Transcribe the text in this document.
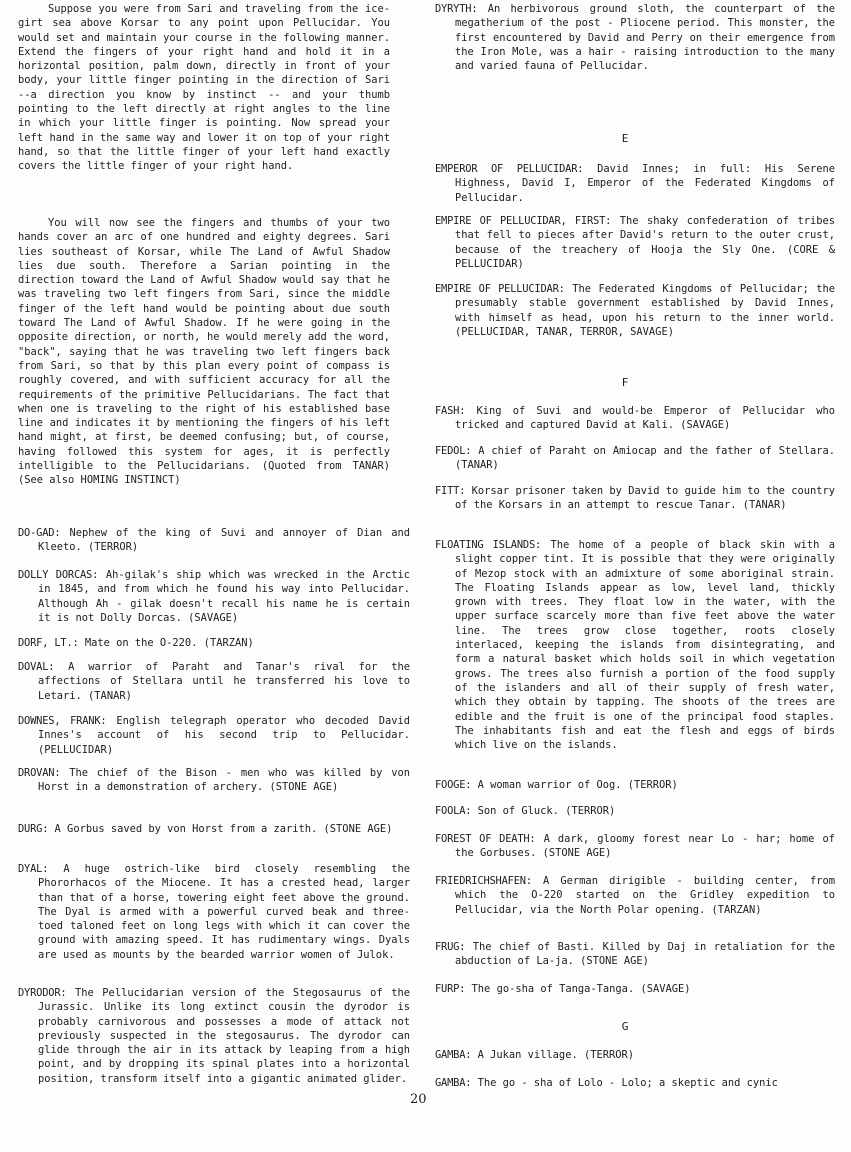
Suppose you were from Sari and traveling from the ice-girt sea above Korsar to any point upon Pellucidar. You would set and maintain your course in the following manner. Extend the fingers of your right hand and hold it in a horizontal position, palm down, directly in front of your body, your little finger pointing in the direction of Sari --a direction you know by instinct -- and your thumb pointing to the left directly at right angles to the line in which your little finger is pointing. Now spread your left hand in the same way and lower it on top of your right hand, so that the little finger of your left hand exactly covers the little finger of your right hand.
You will now see the fingers and thumbs of your two hands cover an arc of one hundred and eighty degrees. Sari lies southeast of Korsar, while The Land of Awful Shadow lies due south. Therefore a Sarian pointing in the direction toward the Land of Awful Shadow would say that he was traveling two left fingers from Sari, since the middle finger of the left hand would be pointing about due south toward The Land of Awful Shadow. If he were going in the opposite direction, or north, he would merely add the word, "back", saying that he was traveling two left fingers back from Sari, so that by this plan every point of compass is roughly covered, and with sufficient accuracy for all the requirements of the primitive Pellucidarians. The fact that when one is traveling to the right of his established base line and indicates it by mentioning the fingers of his left hand might, at first, be deemed confusing; but, of course, having followed this system for ages, it is perfectly intelligible to the Pellucidarians. (Quoted from TANAR) (See also HOMING INSTINCT)
DO-GAD: Nephew of the king of Suvi and annoyer of Dian and Kleeto. (TERROR)
DOLLY DORCAS: Ah-gilak's ship which was wrecked in the Arctic in 1845, and from which he found his way into Pellucidar. Although Ah - gilak doesn't recall his name he is certain it is not Dolly Dorcas. (SAVAGE)
DORF, LT.: Mate on the O-220. (TARZAN)
DOVAL: A warrior of Paraht and Tanar's rival for the affections of Stellara until he transferred his love to Letari. (TANAR)
DOWNES, FRANK: English telegraph operator who decoded David Innes's account of his second trip to Pellucidar. (PELLUCIDAR)
DROVAN: The chief of the Bison - men who was killed by von Horst in a demonstration of archery. (STONE AGE)
DURG: A Gorbus saved by von Horst from a zarith. (STONE AGE)
DYAL: A huge ostrich-like bird closely resembling the Phororhacos of the Miocene. It has a crested head, larger than that of a horse, towering eight feet above the ground. The Dyal is armed with a powerful curved beak and three-toed taloned feet on long legs with which it can cover the ground with amazing speed. It has rudimentary wings. Dyals are used as mounts by the bearded warrior women of Julok.
DYRODOR: The Pellucidarian version of the Stegosaurus of the Jurassic. Unlike its long extinct cousin the dyrodor is probably carnivorous and possesses a mode of attack not previously suspected in the stegosaurus. The dyrodor can glide through the air in its attack by leaping from a high point, and by dropping its spinal plates into a horizontal position, transform itself into a gigantic animated glider.
DYRYTH: An herbivorous ground sloth, the counterpart of the megatherium of the post - Pliocene period. This monster, the first encountered by David and Perry on their emergence from the Iron Mole, was a hair - raising introduction to the many and varied fauna of Pellucidar.
E
EMPEROR OF PELLUCIDAR: David Innes; in full: His Serene Highness, David I, Emperor of the Federated Kingdoms of Pellucidar.
EMPIRE OF PELLUCIDAR, FIRST: The shaky confederation of tribes that fell to pieces after David's return to the outer crust, because of the treachery of Hooja the Sly One. (CORE & PELLUCIDAR)
EMPIRE OF PELLUCIDAR: The Federated Kingdoms of Pellucidar; the presumably stable government established by David Innes, with himself as head, upon his return to the inner world. (PELLUCIDAR, TANAR, TERROR, SAVAGE)
F
FASH: King of Suvi and would-be Emperor of Pellucidar who tricked and captured David at Kali. (SAVAGE)
FEDOL: A chief of Paraht on Amiocap and the father of Stellara. (TANAR)
FITT: Korsar prisoner taken by David to guide him to the country of the Korsars in an attempt to rescue Tanar. (TANAR)
FLOATING ISLANDS: The home of a people of black skin with a slight copper tint. It is possible that they were originally of Mezop stock with an admixture of some aboriginal strain. The Floating Islands appear as low, level land, thickly grown with trees. They float low in the water, with the upper surface scarcely more than five feet above the water line. The trees grow close together, roots closely interlaced, keeping the islands from disintegrating, and form a natural basket which holds soil in which vegetation grows. The trees also furnish a portion of the food supply of the islanders and all of their supply of fresh water, which they obtain by tapping. The shoots of the trees are edible and the fruit is one of the principal food staples. The inhabitants fish and eat the flesh and eggs of birds which live on the islands.
FOOGE: A woman warrior of Oog. (TERROR)
FOOLA: Son of Gluck. (TERROR)
FOREST OF DEATH: A dark, gloomy forest near Lo - har; home of the Gorbuses. (STONE AGE)
FRIEDRICHSHAFEN: A German dirigible - building center, from which the O-220 started on the Gridley expedition to Pellucidar, via the North Polar opening. (TARZAN)
FRUG: The chief of Basti. Killed by Daj in retaliation for the abduction of La-ja. (STONE AGE)
FURP: The go-sha of Tanga-Tanga. (SAVAGE)
G
GAMBA: A Jukan village. (TERROR)
GAMBA: The go - sha of Lolo - Lolo; a skeptic and cynic
20
